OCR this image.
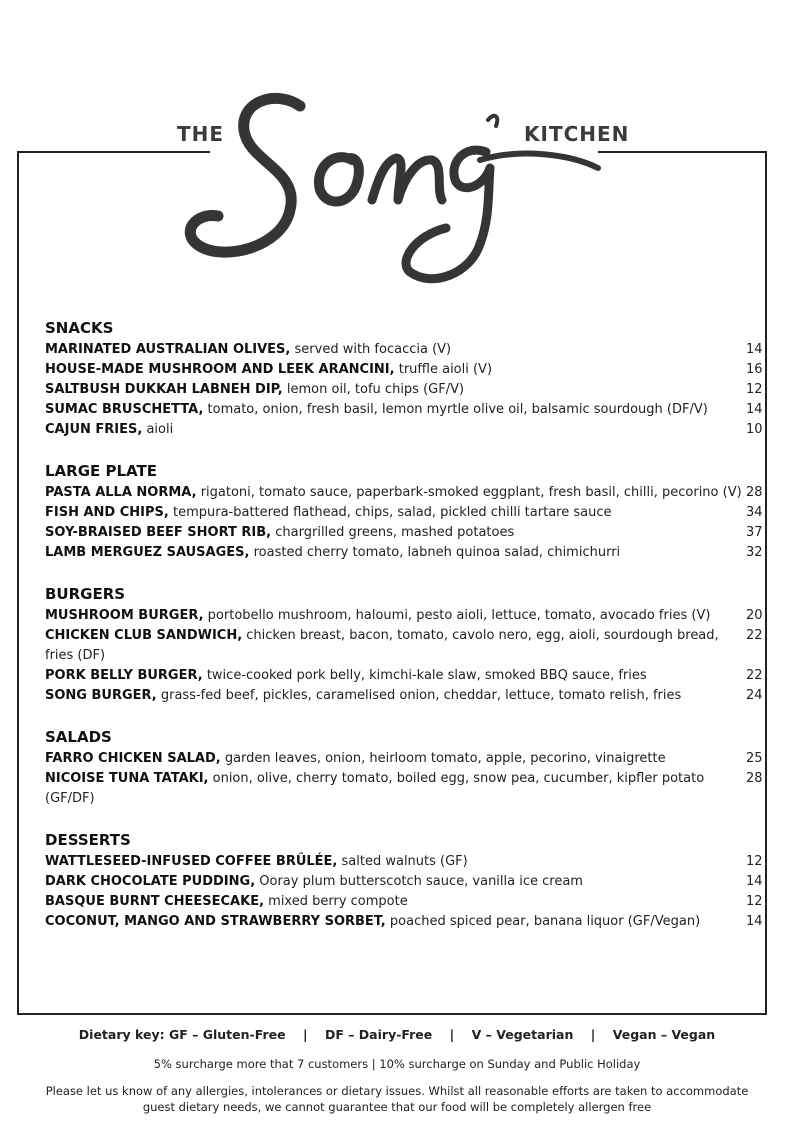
THE	KITCHEN
SNACKS
MARINATED AUSTRALIAN OLIVES, served with focaccia (V)	14
HOUSE-MADE MUSHROOM AND LEEK ARANCINI, truffle aioli (V)	16
SALTBUSH DUKKAH LABNEH DIP, lemon oil, tofu chips (GF/V)	12
SUMAC BRUSCHETTA, tomato, onion, fresh basil, lemon myrtle olive oil, balsamic sourdough (DF/V)	14
CAJUN FRIES, aioli	10
LARGE PLATE
PASTA ALLA NORMA, rigatoni, tomato sauce, paperbark-smoked eggplant, fresh basil, chilli, pecorino (V) 28
FISH AND CHIPS, tempura-battered flathead, chips, salad, pickled chilli tartare sauce	34
SOY-BRAISED BEEF SHORT RIB, chargrilled greens, mashed potatoes	37
LAMB MERGUEZ SAUSAGES, roasted cherry tomato, labneh quinoa salad, chimichurri	32
BURGERS
MUSHROOM BURGER, portobello mushroom, haloumi, pesto aioli, lettuce, tomato, avocado fries (V)	20
CHICKEN CLUB SANDWICH, chicken breast, bacon, tomato, cavolo nero, egg, aioli, sourdough bread, fries (DF)
22
PORK BELLY BURGER, twice-cooked pork belly, kimchi-kale slaw, smoked BBQ sauce, fries	22
SONG BURGER, grass-fed beef, pickles, caramelised onion, cheddar, lettuce, tomato relish, fries	24
SALADS
FARRO CHICKEN SALAD, garden leaves, onion, heirloom tomato, apple, pecorino, vinaigrette	25
NICOISE TUNA TATAKI, onion, olive, cherry tomato, boiled egg, snow pea, cucumber, kipfler potato (GF/DF)
28
DESSERTS
WATTLESEED-INFUSED COFFEE BRÛLÉE, salted walnuts (GF)	12
DARK CHOCOLATE PUDDING, Ooray plum butterscotch sauce, vanilla ice cream	14
BASQUE BURNT CHEESECAKE, mixed berry compote	12
COCONUT, MANGO AND STRAWBERRY SORBET, poached spiced pear, banana liquor (GF/Vegan)	14
Dietary key: GF – Gluten-Free    |    DF – Dairy-Free    |    V – Vegetarian    |    Vegan – Vegan
5% surcharge more that 7 customers | 10% surcharge on Sunday and Public Holiday
Please let us know of any allergies, intolerances or dietary issues. Whilst all reasonable efforts are taken to accommodate guest dietary needs, we cannot guarantee that our food will be completely allergen free
